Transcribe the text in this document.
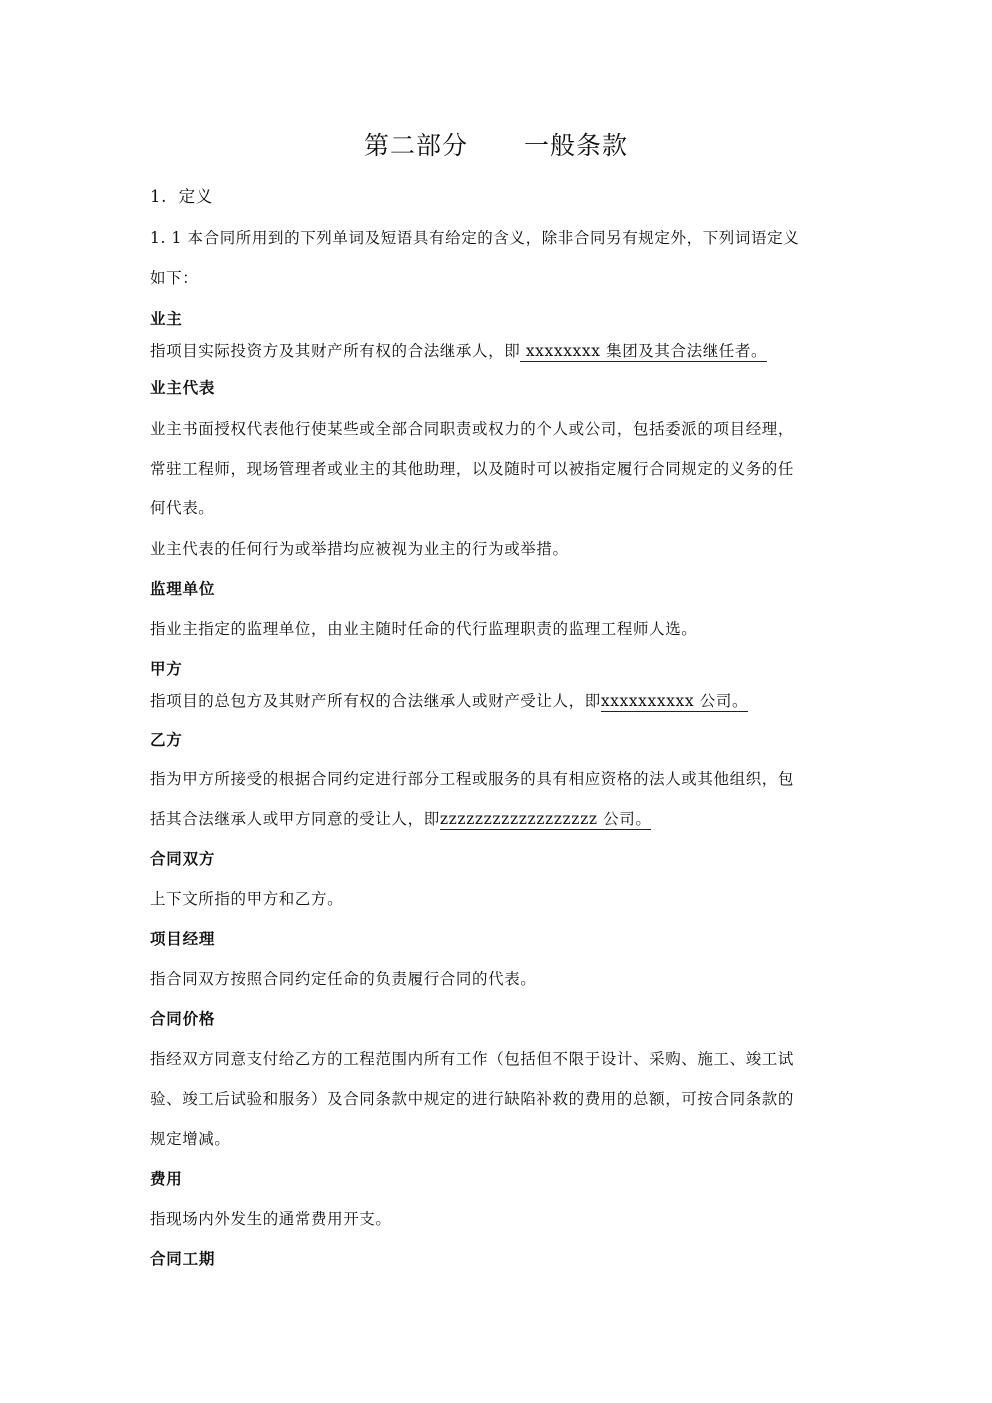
第二部分 一般条款
1. 定义
1. 1 本合同所用到的下列单词及短语具有给定的含义，除非合同另有规定外，下列词语定义
如下：
业主
指项目实际投资方及其财产所有权的合法继承人，即 xxxxxxxx 集团及其合法继任者。
业主代表
业主书面授权代表他行使某些或全部合同职责或权力的个人或公司，包括委派的项目经理，
常驻工程师，现场管理者或业主的其他助理，以及随时可以被指定履行合同规定的义务的任
何代表。
业主代表的任何行为或举措均应被视为业主的行为或举措。
监理单位
指业主指定的监理单位，由业主随时任命的代行监理职责的监理工程师人选。
甲方
指项目的总包方及其财产所有权的合法继承人或财产受让人，即xxxxxxxxxx 公司。
乙方
指为甲方所接受的根据合同约定进行部分工程或服务的具有相应资格的法人或其他组织，包
括其合法继承人或甲方同意的受让人，即zzzzzzzzzzzzzzzzzz 公司。
合同双方
上下文所指的甲方和乙方。
项目经理
指合同双方按照合同约定任命的负责履行合同的代表。
合同价格
指经双方同意支付给乙方的工程范围内所有工作（包括但不限于设计、采购、施工、竣工试
验、竣工后试验和服务）及合同条款中规定的进行缺陷补救的费用的总额，可按合同条款的
规定增减。
费用
指现场内外发生的通常费用开支。
合同工期
